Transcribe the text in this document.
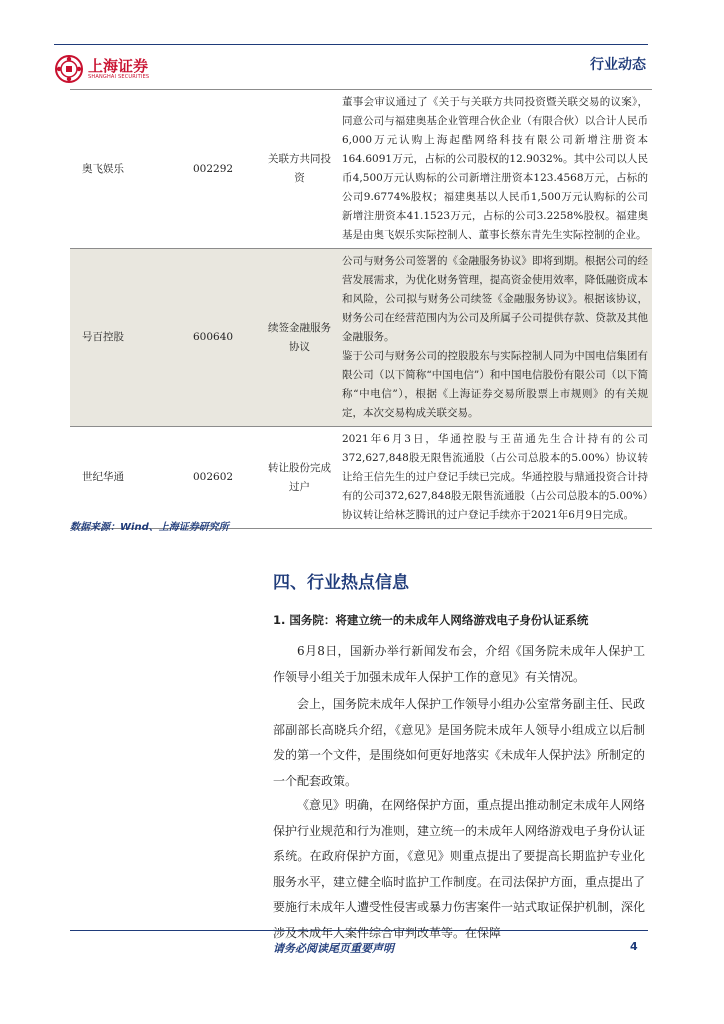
上海证券
SHANGHAI SECURITIES
行业动态
奥飞娱乐	002292	关联方共同投资	董事会审议通过了《关于与关联方共同投资暨关联交易的议案》，同意公司与福建奥基企业管理合伙企业（有限合伙）以合计人民币6,000万元认购上海起酷网络科技有限公司新增注册资本164.6091万元，占标的公司股权的12.9032%。其中公司以人民币4,500万元认购标的公司新增注册资本123.4568万元，占标的公司9.6774%股权；福建奥基以人民币1,500万元认购标的公司新增注册资本41.1523万元，占标的公司3.2258%股权。福建奥基是由奥飞娱乐实际控制人、董事长蔡东青先生实际控制的企业。

号百控股	600640	续签金融服务协议	公司与财务公司签署的《金融服务协议》即将到期。根据公司的经营发展需求，为优化财务管理，提高资金使用效率，降低融资成本和风险，公司拟与财务公司续签《金融服务协议》。根据该协议，财务公司在经营范围内为公司及所属子公司提供存款、贷款及其他金融服务。

鉴于公司与财务公司的控股股东与实际控制人同为中国电信集团有限公司（以下简称“中国电信”）和中国电信股份有限公司（以下简称“中电信”），根据《上海证券交易所股票上市规则》的有关规定，本次交易构成关联交易。

世纪华通	002602	转让股份完成过户	2021年6月3日，华通控股与王苗通先生合计持有的公司372,627,848股无限售流通股（占公司总股本的5.00%）协议转让给王信先生的过户登记手续已完成。华通控股与鼎通投资合计持有的公司372,627,848股无限售流通股（占公司总股本的5.00%）协议转让给林芝腾讯的过户登记手续亦于2021年6月9日完成。

数据来源：Wind、上海证券研究所
四、行业热点信息
1. 国务院：将建立统一的未成年人网络游戏电子身份认证系统

6月8日，国新办举行新闻发布会，介绍《国务院未成年人保护工作领导小组关于加强未成年人保护工作的意见》有关情况。

会上，国务院未成年人保护工作领导小组办公室常务副主任、民政部副部长高晓兵介绍，《意见》是国务院未成年人领导小组成立以后制发的第一个文件，是围绕如何更好地落实《未成年人保护法》所制定的一个配套政策。

《意见》明确，在网络保护方面，重点提出推动制定未成年人网络保护行业规范和行为准则，建立统一的未成年人网络游戏电子身份认证系统。在政府保护方面，《意见》则重点提出了要提高长期监护专业化服务水平，建立健全临时监护工作制度。在司法保护方面，重点提出了要施行未成年人遭受性侵害或暴力伤害案件一站式取证保护机制，深化涉及未成年人案件综合审判改革等。在保障

请务必阅读尾页重要声明	4
